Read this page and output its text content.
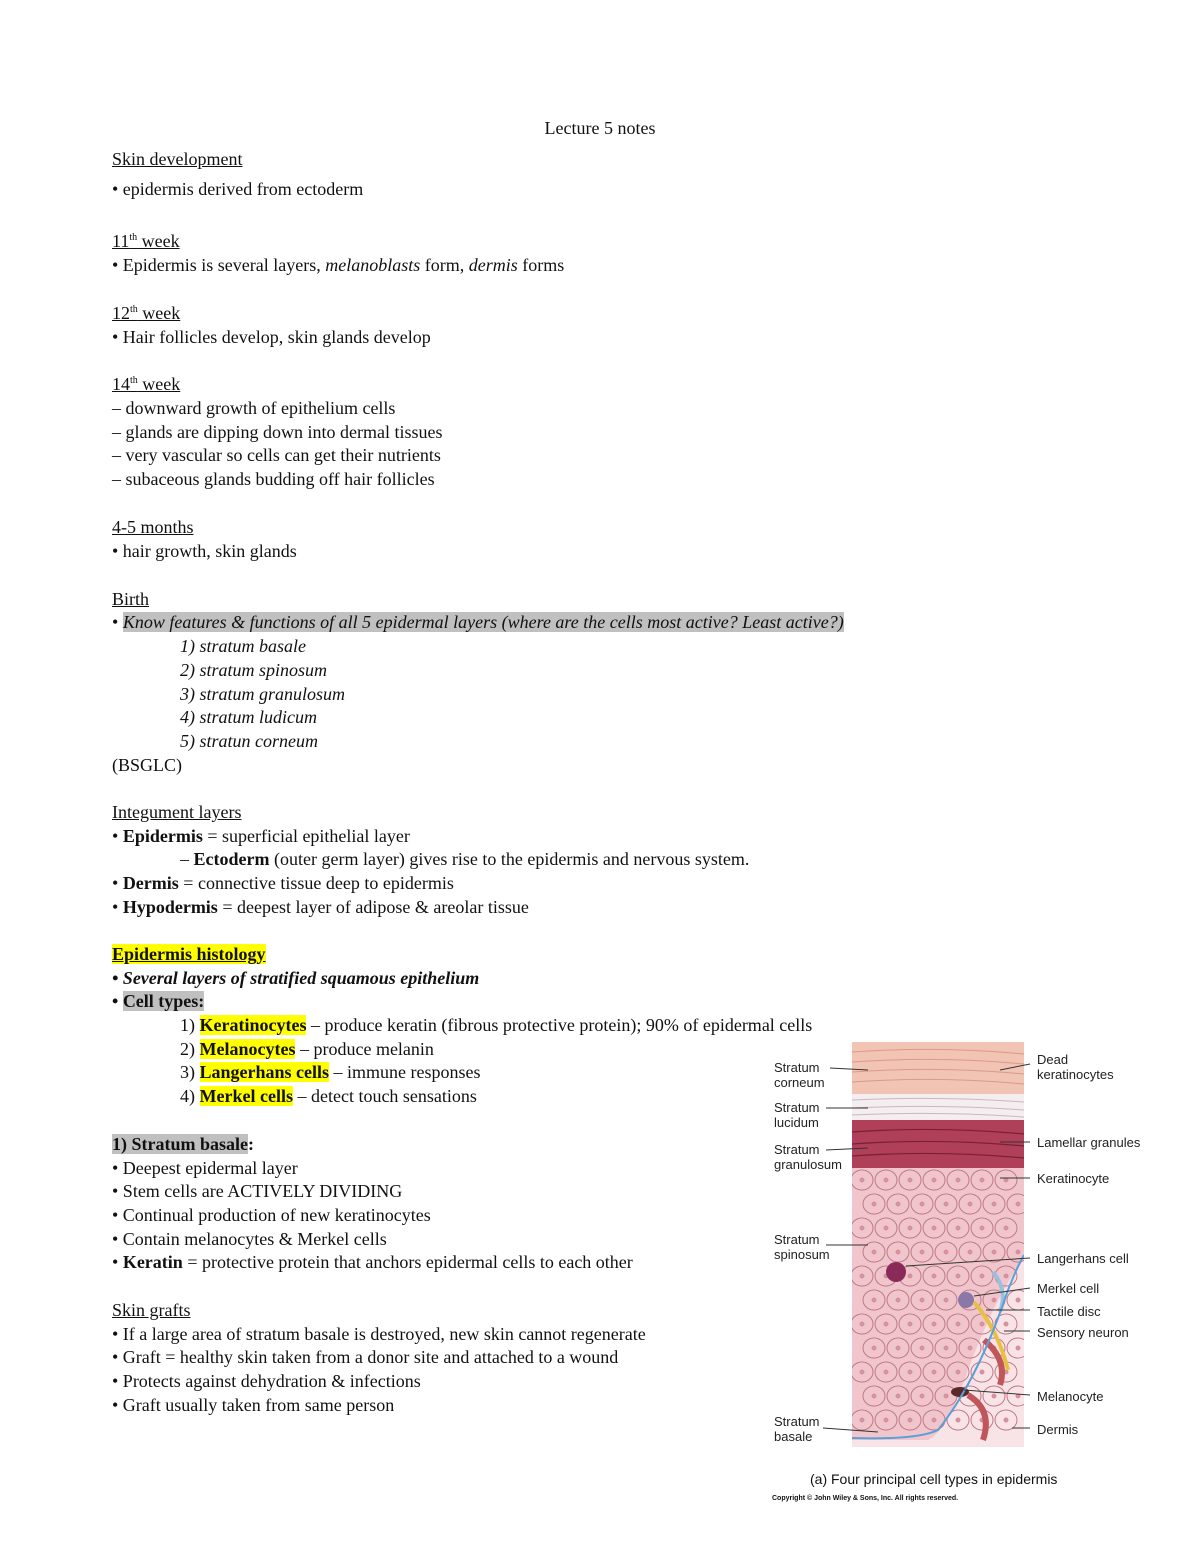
Lecture 5 notes
Skin development
• epidermis derived from ectoderm
11th week
• Epidermis is several layers, melanoblasts form, dermis forms
12th week
• Hair follicles develop, skin glands develop
14th week
– downward growth of epithelium cells
– glands are dipping down into dermal tissues
– very vascular so cells can get their nutrients
– subaceous glands budding off hair follicles
4-5 months
• hair growth, skin glands
Birth
• Know features & functions of all 5 epidermal layers (where are the cells most active? Least active?)
1) stratum basale
2) stratum spinosum
3) stratum granulosum
4) stratum ludicum
5) stratun corneum
(BSGLC)
Integument layers
• Epidermis = superficial epithelial layer
– Ectoderm (outer germ layer) gives rise to the epidermis and nervous system.
• Dermis = connective tissue deep to epidermis
• Hypodermis = deepest layer of adipose & areolar tissue
Epidermis histology
• Several layers of stratified squamous epithelium
• Cell types:
1) Keratinocytes – produce keratin (fibrous protective protein); 90% of epidermal cells
2) Melanocytes – produce melanin
3) Langerhans cells – immune responses
4) Merkel cells – detect touch sensations
1) Stratum basale:
• Deepest epidermal layer
• Stem cells are ACTIVELY DIVIDING
• Continual production of new keratinocytes
• Contain melanocytes & Merkel cells
• Keratin = protective protein that anchors epidermal cells to each other
Skin grafts
• If a large area of stratum basale is destroyed, new skin cannot regenerate
• Graft = healthy skin taken from a donor site and attached to a wound
• Protects against dehydration & infections
• Graft usually taken from same person
Stratum
corneum
Stratum
lucidum
Stratum
granulosum
Stratum
spinosum
Stratum
basale
Dead
keratinocytes
Lamellar granules
Keratinocyte
Langerhans cell
Merkel cell
Tactile disc
Sensory neuron
Melanocyte
Dermis
(a) Four principal cell types in epidermis
Copyright © John Wiley & Sons, Inc. All rights reserved.
